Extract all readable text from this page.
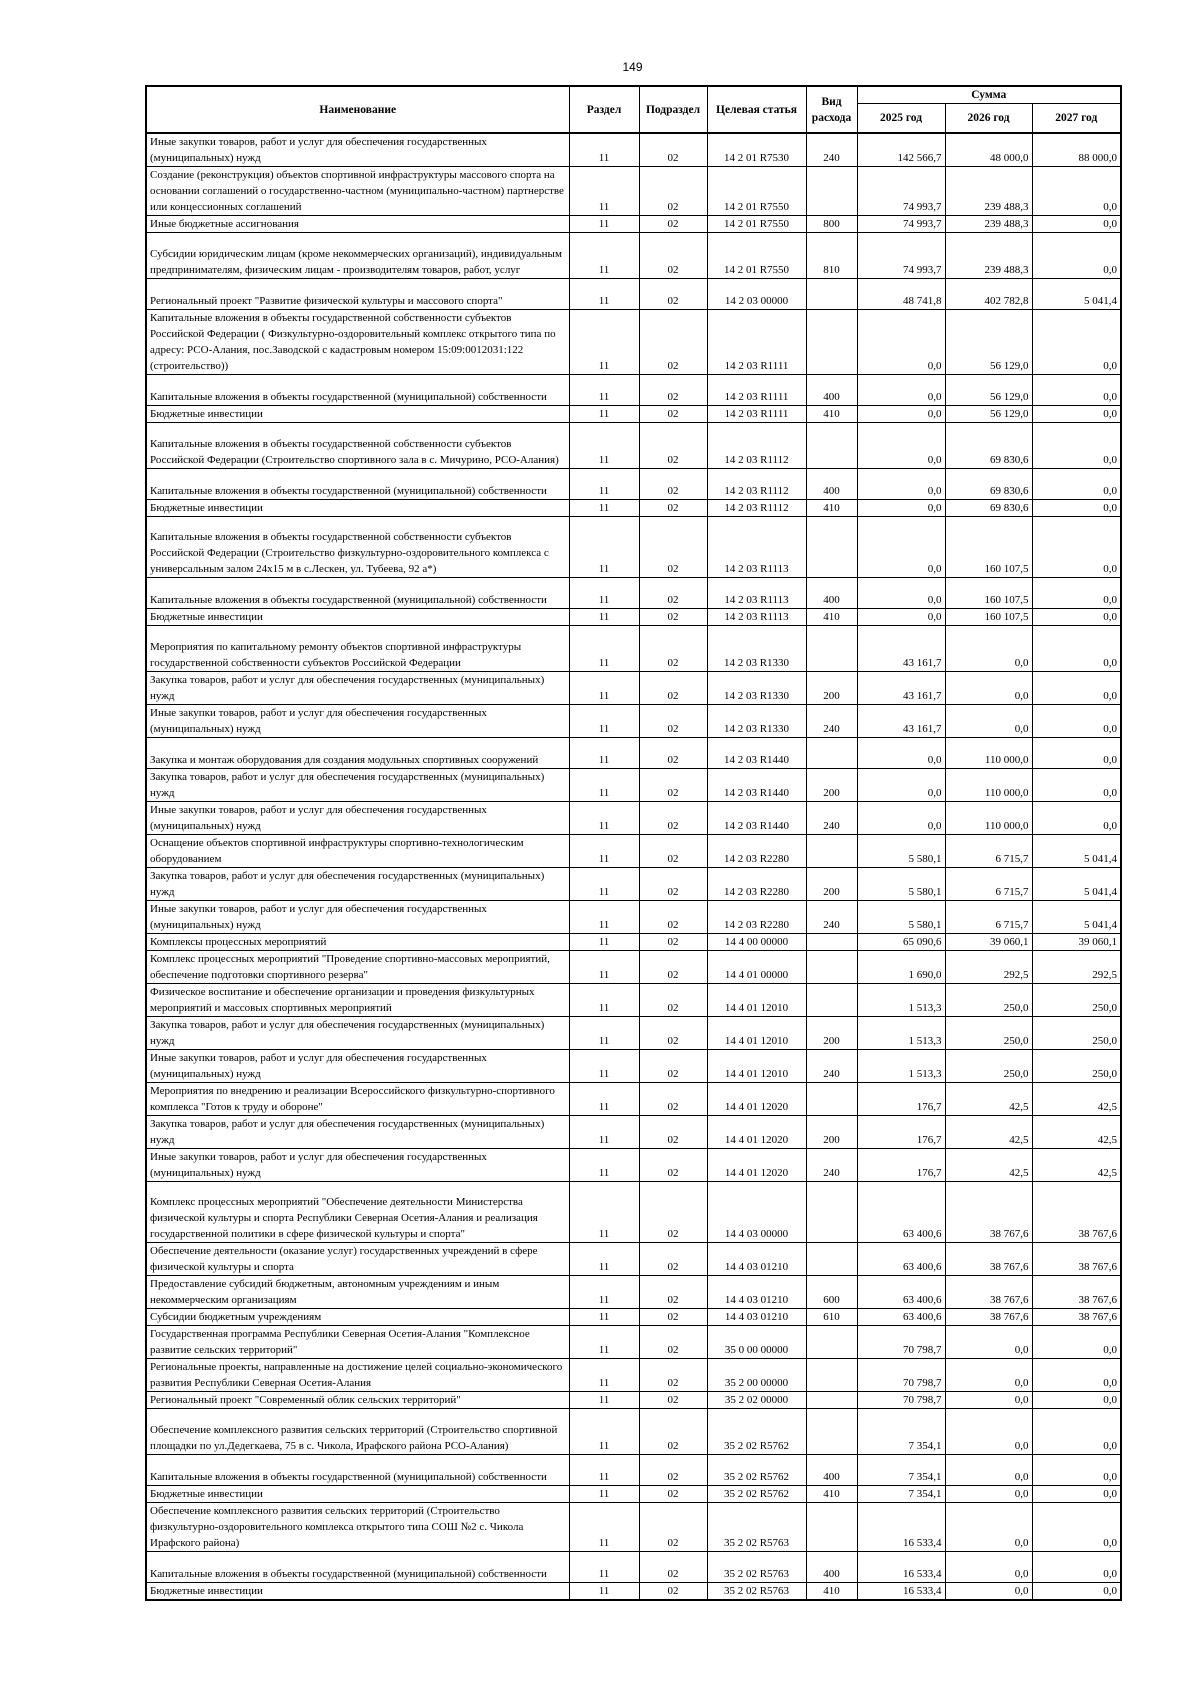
149
Наименование	Раздел	Подраздел	Целевая статья	Вид расхода	Сумма		
					2025 год	2026 год	2027 год
Иные закупки товаров, работ и услуг для обеспечения государственных (муниципальных) нужд	11	02	14 2 01 R7530	240	142 566,7	48 000,0	88 000,0
Создание (реконструкция) объектов спортивной инфраструктуры массового спорта на основании соглашений о государственно-частном (муниципально-частном) партнерстве или концессионных соглашений	11	02	14 2 01 R7550		74 993,7	239 488,3	0,0
Иные бюджетные ассигнования	11	02	14 2 01 R7550	800	74 993,7	239 488,3	0,0
Субсидии юридическим лицам (кроме некоммерческих организаций), индивидуальным предпринимателям, физическим лицам - производителям товаров, работ, услуг	11	02	14 2 01 R7550	810	74 993,7	239 488,3	0,0
Региональный проект "Развитие физической культуры и массового спорта"	11	02	14 2 03 00000		48 741,8	402 782,8	5 041,4
Капитальные вложения в объекты государственной собственности субъектов Российской Федерации ( Физкультурно-оздоровительный комплекс открытого типа по адресу: РСО-Алания, пос.Заводской с кадастровым номером 15:09:0012031:122 (строительство))	11	02	14 2 03 R1111		0,0	56 129,0	0,0
Капитальные вложения в объекты государственной (муниципальной) собственности	11	02	14 2 03 R1111	400	0,0	56 129,0	0,0
Бюджетные инвестиции	11	02	14 2 03 R1111	410	0,0	56 129,0	0,0
Капитальные вложения в объекты государственной собственности субъектов Российской Федерации (Строительство спортивного зала в с. Мичурино, РСО-Алания)	11	02	14 2 03 R1112		0,0	69 830,6	0,0
Капитальные вложения в объекты государственной (муниципальной) собственности	11	02	14 2 03 R1112	400	0,0	69 830,6	0,0
Бюджетные инвестиции	11	02	14 2 03 R1112	410	0,0	69 830,6	0,0
Капитальные вложения в объекты государственной собственности субъектов Российской Федерации (Строительство физкультурно-оздоровительного комплекса с универсальным залом 24х15 м в с.Лескен, ул. Тубеева, 92 а*)	11	02	14 2 03 R1113		0,0	160 107,5	0,0
Капитальные вложения в объекты государственной (муниципальной) собственности	11	02	14 2 03 R1113	400	0,0	160 107,5	0,0
Бюджетные инвестиции	11	02	14 2 03 R1113	410	0,0	160 107,5	0,0
Мероприятия по капитальному ремонту объектов спортивной инфраструктуры государственной собственности субъектов Российской Федерации	11	02	14 2 03 R1330		43 161,7	0,0	0,0
Закупка товаров, работ и услуг для обеспечения государственных (муниципальных) нужд	11	02	14 2 03 R1330	200	43 161,7	0,0	0,0
Иные закупки товаров, работ и услуг для обеспечения государственных (муниципальных) нужд	11	02	14 2 03 R1330	240	43 161,7	0,0	0,0
Закупка и монтаж оборудования для создания модульных спортивных сооружений	11	02	14 2 03 R1440		0,0	110 000,0	0,0
Закупка товаров, работ и услуг для обеспечения государственных (муниципальных) нужд	11	02	14 2 03 R1440	200	0,0	110 000,0	0,0
Иные закупки товаров, работ и услуг для обеспечения государственных (муниципальных) нужд	11	02	14 2 03 R1440	240	0,0	110 000,0	0,0
Оснащение объектов спортивной инфраструктуры спортивно-технологическим оборудованием	11	02	14 2 03 R2280		5 580,1	6 715,7	5 041,4
Закупка товаров, работ и услуг для обеспечения государственных (муниципальных) нужд	11	02	14 2 03 R2280	200	5 580,1	6 715,7	5 041,4
Иные закупки товаров, работ и услуг для обеспечения государственных (муниципальных) нужд	11	02	14 2 03 R2280	240	5 580,1	6 715,7	5 041,4
Комплексы процессных мероприятий	11	02	14 4 00 00000		65 090,6	39 060,1	39 060,1
Комплекс процессных мероприятий "Проведение спортивно-массовых мероприятий, обеспечение подготовки спортивного резерва"	11	02	14 4 01 00000		1 690,0	292,5	292,5
Физическое воспитание и обеспечение организации и проведения физкультурных мероприятий и массовых спортивных мероприятий	11	02	14 4 01 12010		1 513,3	250,0	250,0
Закупка товаров, работ и услуг для обеспечения государственных (муниципальных) нужд	11	02	14 4 01 12010	200	1 513,3	250,0	250,0
Иные закупки товаров, работ и услуг для обеспечения государственных (муниципальных) нужд	11	02	14 4 01 12010	240	1 513,3	250,0	250,0
Мероприятия по внедрению и реализации Всероссийского физкультурно-спортивного комплекса "Готов к труду и обороне"	11	02	14 4 01 12020		176,7	42,5	42,5
Закупка товаров, работ и услуг для обеспечения государственных (муниципальных) нужд	11	02	14 4 01 12020	200	176,7	42,5	42,5
Иные закупки товаров, работ и услуг для обеспечения государственных (муниципальных) нужд	11	02	14 4 01 12020	240	176,7	42,5	42,5
Комплекс процессных мероприятий "Обеспечение деятельности Министерства физической культуры и спорта Республики Северная Осетия-Алания и реализация государственной политики в сфере физической культуры и спорта"	11	02	14 4 03 00000		63 400,6	38 767,6	38 767,6
Обеспечение деятельности (оказание услуг) государственных учреждений в сфере физической культуры и спорта	11	02	14 4 03 01210		63 400,6	38 767,6	38 767,6
Предоставление субсидий бюджетным, автономным учреждениям и иным некоммерческим организациям	11	02	14 4 03 01210	600	63 400,6	38 767,6	38 767,6
Субсидии бюджетным учреждениям	11	02	14 4 03 01210	610	63 400,6	38 767,6	38 767,6
Государственная программа Республики Северная Осетия-Алания "Комплексное развитие сельских территорий"	11	02	35 0 00 00000		70 798,7	0,0	0,0
Региональные проекты, направленные на достижение целей социально-экономического развития Республики Северная Осетия-Алания	11	02	35 2 00 00000		70 798,7	0,0	0,0
Региональный проект "Современный облик сельских территорий"	11	02	35 2 02 00000		70 798,7	0,0	0,0
Обеспечение комплексного развития сельских территорий (Строительство спортивной площадки по ул.Дедегкаева, 75 в с. Чикола, Ирафского района РСО-Алания)	11	02	35 2 02 R5762		7 354,1	0,0	0,0
Капитальные вложения в объекты государственной (муниципальной) собственности	11	02	35 2 02 R5762	400	7 354,1	0,0	0,0
Бюджетные инвестиции	11	02	35 2 02 R5762	410	7 354,1	0,0	0,0
Обеспечение комплексного развития сельских территорий (Строительство физкультурно-оздоровительного комплекса открытого типа СОШ №2 с. Чикола Ирафского района)	11	02	35 2 02 R5763		16 533,4	0,0	0,0
Капитальные вложения в объекты государственной (муниципальной) собственности	11	02	35 2 02 R5763	400	16 533,4	0,0	0,0
Бюджетные инвестиции	11	02	35 2 02 R5763	410	16 533,4	0,0	0,0
